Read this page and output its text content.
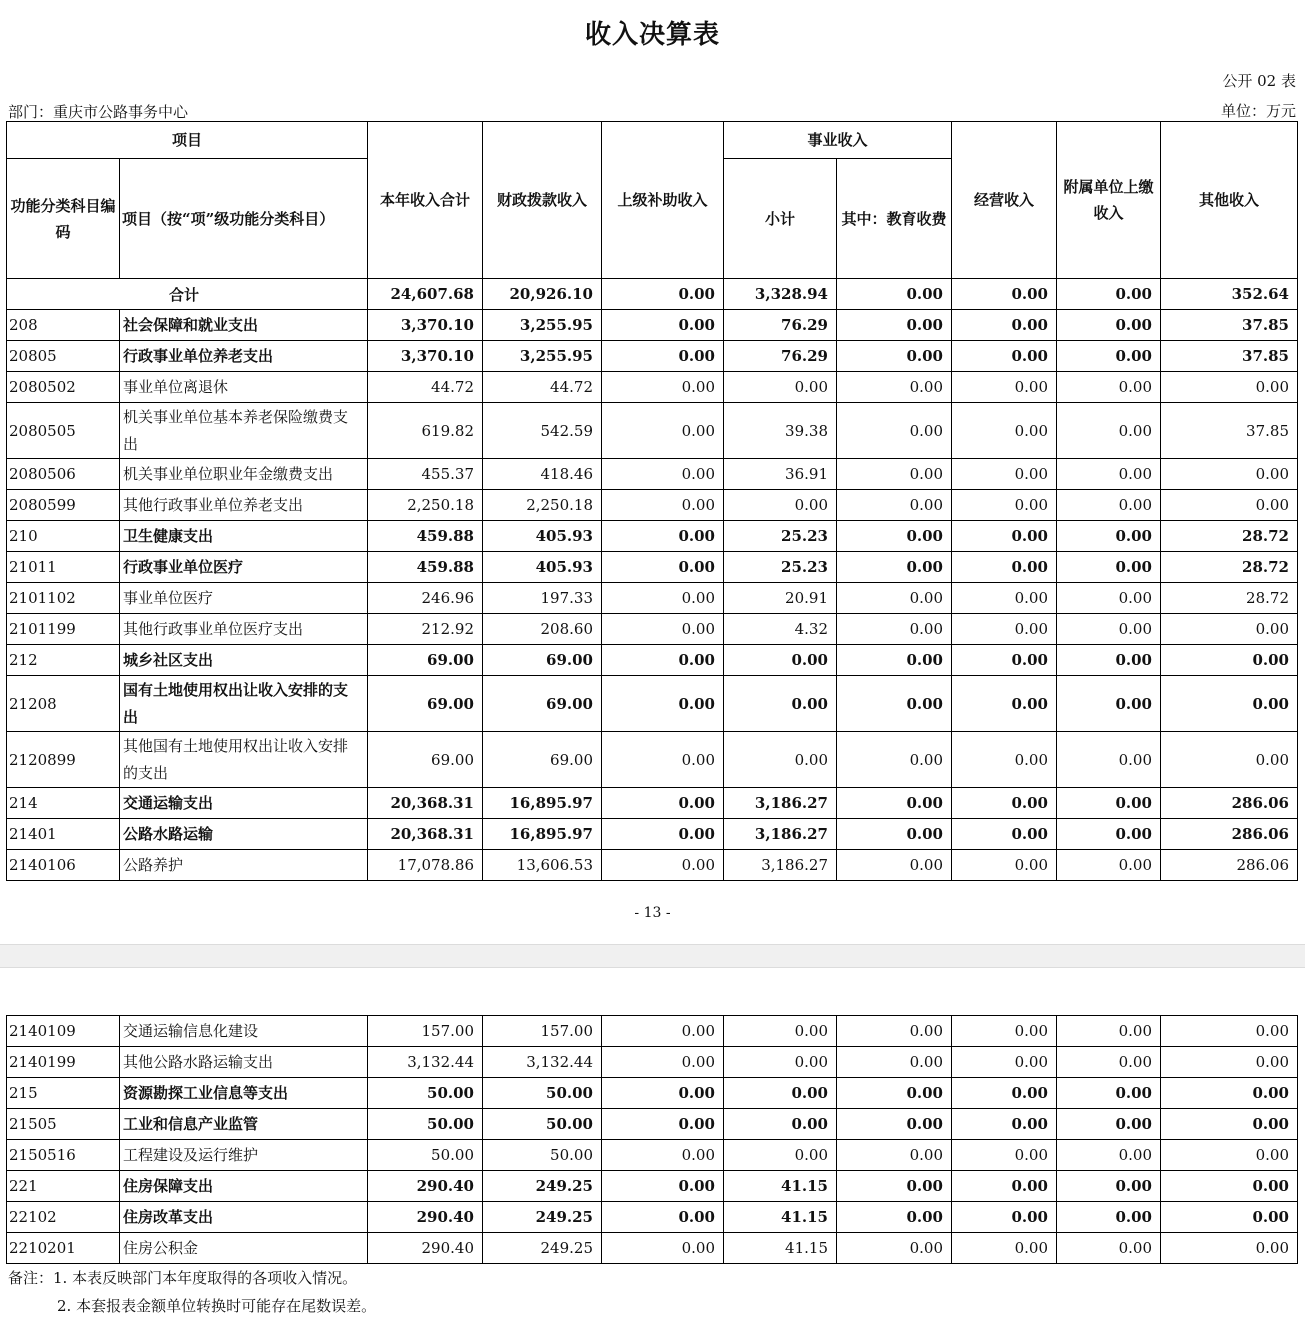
收入决算表
公开 02 表
部门：重庆市公路事务中心	单位：万元
项目		本年收入合计	财政拨款收入	上级补助收入	事业收入		经营收入	附属单位上缴收入	其他收入
功能分类科目编码	项目（按“项”级功能分类科目）				小计	其中：教育收费			
合计		24,607.68	20,926.10	0.00	3,328.94	0.00	0.00	0.00	352.64
208	社会保障和就业支出	3,370.10	3,255.95	0.00	76.29	0.00	0.00	0.00	37.85
20805	行政事业单位养老支出	3,370.10	3,255.95	0.00	76.29	0.00	0.00	0.00	37.85
2080502	事业单位离退休	44.72	44.72	0.00	0.00	0.00	0.00	0.00	0.00
2080505	机关事业单位基本养老保险缴费支出	619.82	542.59	0.00	39.38	0.00	0.00	0.00	37.85
2080506	机关事业单位职业年金缴费支出	455.37	418.46	0.00	36.91	0.00	0.00	0.00	0.00
2080599	其他行政事业单位养老支出	2,250.18	2,250.18	0.00	0.00	0.00	0.00	0.00	0.00
210	卫生健康支出	459.88	405.93	0.00	25.23	0.00	0.00	0.00	28.72
21011	行政事业单位医疗	459.88	405.93	0.00	25.23	0.00	0.00	0.00	28.72
2101102	事业单位医疗	246.96	197.33	0.00	20.91	0.00	0.00	0.00	28.72
2101199	其他行政事业单位医疗支出	212.92	208.60	0.00	4.32	0.00	0.00	0.00	0.00
212	城乡社区支出	69.00	69.00	0.00	0.00	0.00	0.00	0.00	0.00
21208	国有土地使用权出让收入安排的支出	69.00	69.00	0.00	0.00	0.00	0.00	0.00	0.00
2120899	其他国有土地使用权出让收入安排的支出	69.00	69.00	0.00	0.00	0.00	0.00	0.00	0.00
214	交通运输支出	20,368.31	16,895.97	0.00	3,186.27	0.00	0.00	0.00	286.06
21401	公路水路运输	20,368.31	16,895.97	0.00	3,186.27	0.00	0.00	0.00	286.06
2140106	公路养护	17,078.86	13,606.53	0.00	3,186.27	0.00	0.00	0.00	286.06
- 13 -
2140109	交通运输信息化建设	157.00	157.00	0.00	0.00	0.00	0.00	0.00	0.00
2140199	其他公路水路运输支出	3,132.44	3,132.44	0.00	0.00	0.00	0.00	0.00	0.00
215	资源勘探工业信息等支出	50.00	50.00	0.00	0.00	0.00	0.00	0.00	0.00
21505	工业和信息产业监管	50.00	50.00	0.00	0.00	0.00	0.00	0.00	0.00
2150516	工程建设及运行维护	50.00	50.00	0.00	0.00	0.00	0.00	0.00	0.00
221	住房保障支出	290.40	249.25	0.00	41.15	0.00	0.00	0.00	0.00
22102	住房改革支出	290.40	249.25	0.00	41.15	0.00	0.00	0.00	0.00
2210201	住房公积金	290.40	249.25	0.00	41.15	0.00	0.00	0.00	0.00
备注：1. 本表反映部门本年度取得的各项收入情况。
2. 本套报表金额单位转换时可能存在尾数误差。
